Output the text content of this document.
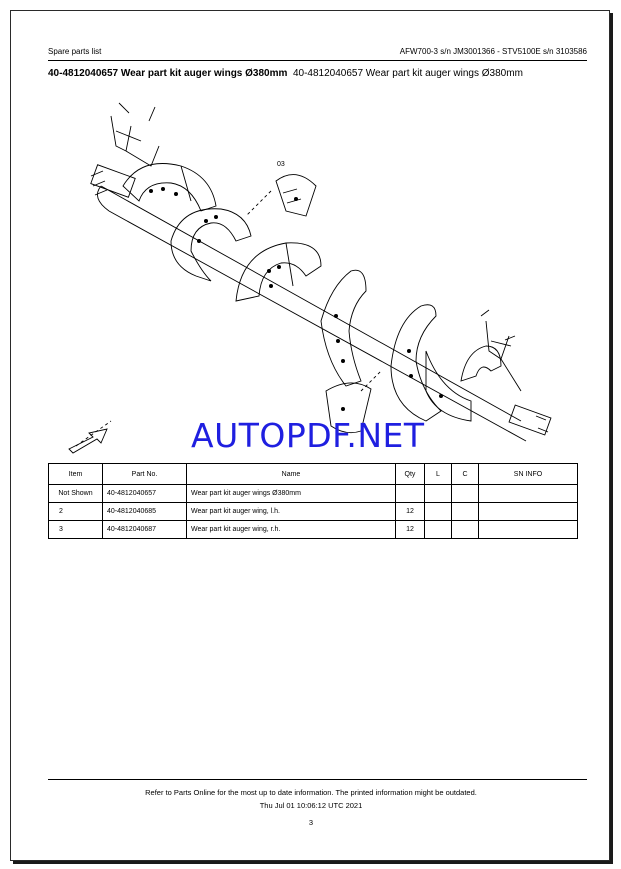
Spare parts list	AFW700-3 s/n JM3001366 - STV5100E s/n 3103586
40-4812040657 Wear part kit auger wings Ø380mm 40-4812040657 Wear part kit auger wings Ø380mm
03
AUTOPDF.NET
Item	Part No.	Name	Qty	L	C	SN INFO
Not Shown	40-4812040657	Wear part kit auger wings Ø380mm				
2	40-4812040685	Wear part kit auger wing, l.h.	12			
3	40-4812040687	Wear part kit auger wing, r.h.	12			
Refer to Parts Online for the most up to date information. The printed information might be outdated.
Thu Jul 01 10:06:12 UTC 2021
3
